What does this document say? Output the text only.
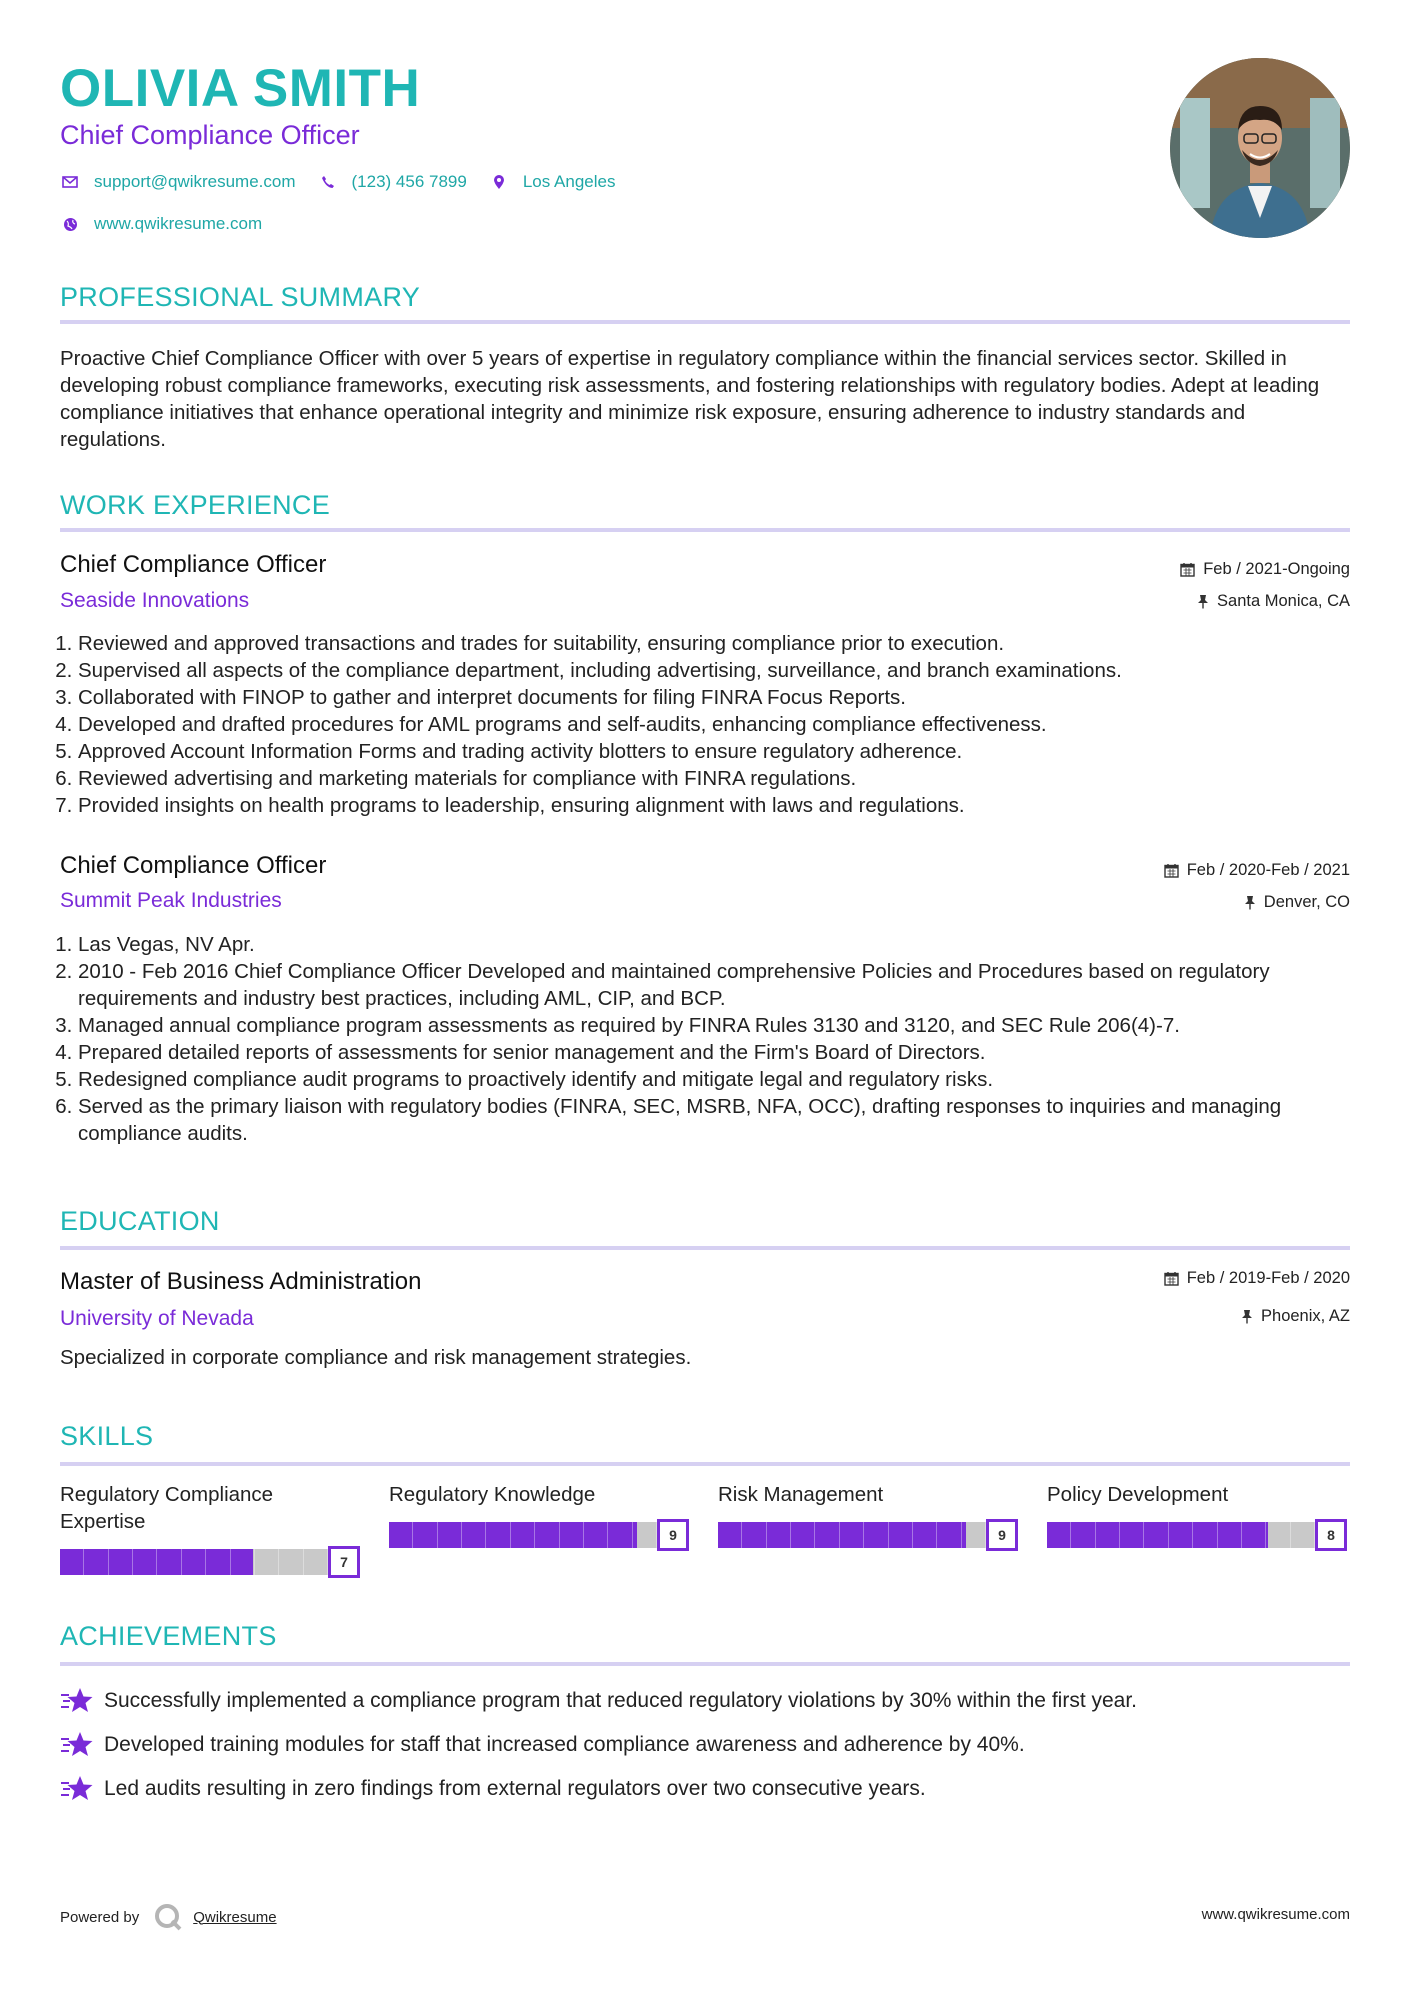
OLIVIA SMITH
Chief Compliance Officer
support@qwikresume.com	(123) 456 7899	Los Angeles
www.qwikresume.com
PROFESSIONAL SUMMARY
Proactive Chief Compliance Officer with over 5 years of expertise in regulatory compliance within the financial services sector. Skilled in developing robust compliance frameworks, executing risk assessments, and fostering relationships with regulatory bodies. Adept at leading compliance initiatives that enhance operational integrity and minimize risk exposure, ensuring adherence to industry standards and regulations.
WORK EXPERIENCE
Chief Compliance Officer
Seaside Innovations
Feb / 2021-Ongoing
Santa Monica, CA
1. Reviewed and approved transactions and trades for suitability, ensuring compliance prior to execution.
2. Supervised all aspects of the compliance department, including advertising, surveillance, and branch examinations.
3. Collaborated with FINOP to gather and interpret documents for filing FINRA Focus Reports.
4. Developed and drafted procedures for AML programs and self-audits, enhancing compliance effectiveness.
5. Approved Account Information Forms and trading activity blotters to ensure regulatory adherence.
6. Reviewed advertising and marketing materials for compliance with FINRA regulations.
7. Provided insights on health programs to leadership, ensuring alignment with laws and regulations.
Chief Compliance Officer
Summit Peak Industries
Feb / 2020-Feb / 2021
Denver, CO
1. Las Vegas, NV Apr.
2. 2010 - Feb 2016 Chief Compliance Officer Developed and maintained comprehensive Policies and Procedures based on regulatory requirements and industry best practices, including AML, CIP, and BCP.
3. Managed annual compliance program assessments as required by FINRA Rules 3130 and 3120, and SEC Rule 206(4)-7.
4. Prepared detailed reports of assessments for senior management and the Firm's Board of Directors.
5. Redesigned compliance audit programs to proactively identify and mitigate legal and regulatory risks.
6. Served as the primary liaison with regulatory bodies (FINRA, SEC, MSRB, NFA, OCC), drafting responses to inquiries and managing compliance audits.
EDUCATION
Master of Business Administration
University of Nevada
Feb / 2019-Feb / 2020
Phoenix, AZ
Specialized in corporate compliance and risk management strategies.
SKILLS
Regulatory Compliance Expertise
7
Regulatory Knowledge
9
Risk Management
9
Policy Development
8
ACHIEVEMENTS
Successfully implemented a compliance program that reduced regulatory violations by 30% within the first year.
Developed training modules for staff that increased compliance awareness and adherence by 40%.
Led audits resulting in zero findings from external regulators over two consecutive years.
Powered by	Qwikresume	www.qwikresume.com
